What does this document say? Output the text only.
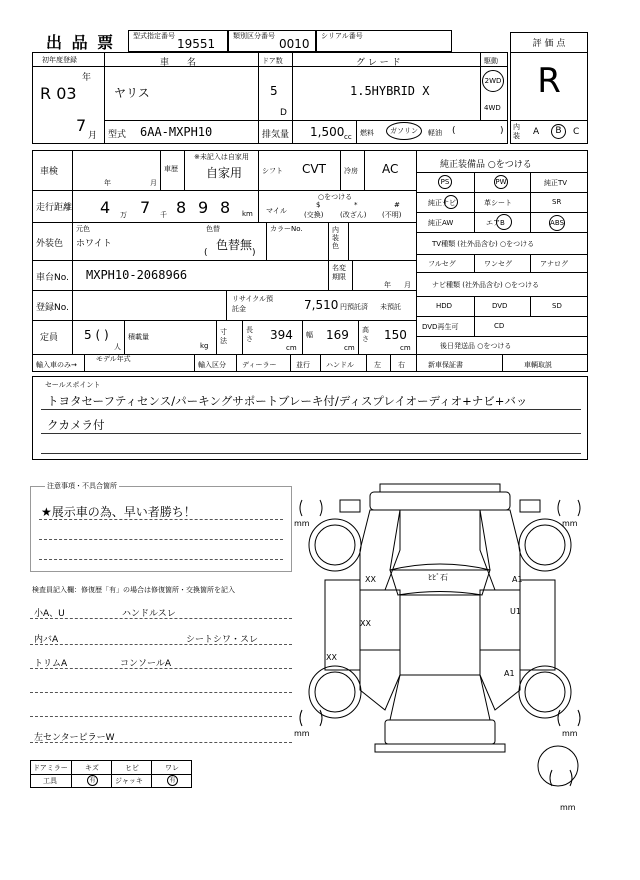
出 品 票	型式指定番号
19551
類別区分番号
0010
シリアル番号
評 価 点
R
初年度登録
年
R 03
7
月
車　　名
ヤリス
ドア数
5
D
グ レ ー ド
1.5HYBRID X
駆動
2WD
4WD
型式 6AA-MXPH10	排気量 1,500 cc 燃料	ガソリン	軽油 (	) 内装	A	B	C
車検
年	月
車歴
※未記入は自家用
自家用	シフト CVT	冷房 AC
走行距離 4 万 7 千 8 9 8 km
○をつける
マイル
$
(交換)
*
(改ざん)
#
(不明)
外装色
元色
ホワイト
色替
色替無
(	)
カラーNo.	内装色
車台No. MXPH10-2068966	名変期限
年 月
登録No.
リサイクル預託金	7,510 円預託済 未預託
定員 5 ( )
人
積載量
kg
寸法
長さ 394
cm
幅 169
cm
高さ 150
cm
輸入車のみ→
モデル年式
輸入区分 ディーラー	並行 ハンドル	左 右
純正装備品 ○をつける
PS	PW	純正TV
純正ナビ	革シート	SR
純正AW	エアB	ABS
TV種類 (社外品含む) ○をつける
フルセグ	ワンセグ	アナログ
ナビ種類 (社外品含む) ○をつける
HDD	DVD	SD
DVD再生可	CD
後日発送品 ○をつける
新車保証書	車輌取説
セールスポイント
トヨタセーフティセンス/パーキングサポートブレーキ付/ディスプレイオーディオ+ナビ+バッ
クカメラ付
注意事項・不具合箇所
★展示車の為、早い者勝ち！
検査員記入欄：修復歴「有」の場合は修復箇所・交換箇所を記入
小A、U	ハンドルスレ
内バA	シートシワ・スレ
トリムA	コンソールA
左センターピラーW
ドアミラー キズ	ヒビ	ワレ
工具	有	ジャッキ	有
XX
XX
XX
ﾋﾋﾞ石	A1
U1
A1
mm	mm
mm	mm
mm
